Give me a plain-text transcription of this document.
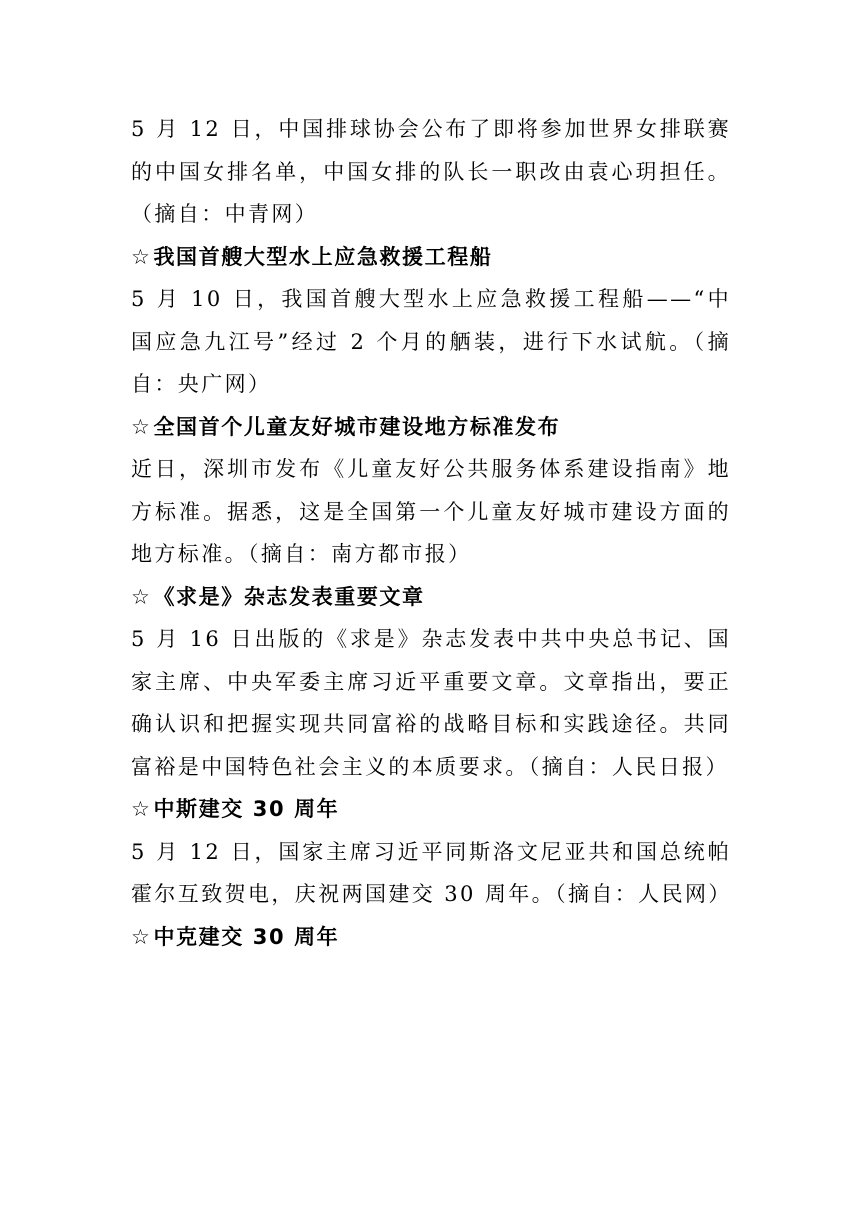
5 月 12 日，中国排球协会公布了即将参加世界女排联赛的中国女排名单，中国女排的队长一职改由袁心玥担任。（摘自：中青网）

☆我国首艘大型水上应急救援工程船

5 月 10 日，我国首艘大型水上应急救援工程船——“中国应急九江号”经过 2 个月的舾装，进行下水试航。（摘自：央广网）

☆全国首个儿童友好城市建设地方标准发布

近日，深圳市发布《儿童友好公共服务体系建设指南》地方标准。据悉，这是全国第一个儿童友好城市建设方面的地方标准。（摘自：南方都市报）

☆《求是》杂志发表重要文章

5 月 16 日出版的《求是》杂志发表中共中央总书记、国家主席、中央军委主席习近平重要文章。文章指出，要正确认识和把握实现共同富裕的战略目标和实践途径。共同富裕是中国特色社会主义的本质要求。（摘自：人民日报）

☆中斯建交 30 周年

5 月 12 日，国家主席习近平同斯洛文尼亚共和国总统帕霍尔互致贺电，庆祝两国建交 30 周年。（摘自：人民网）

☆中克建交 30 周年
